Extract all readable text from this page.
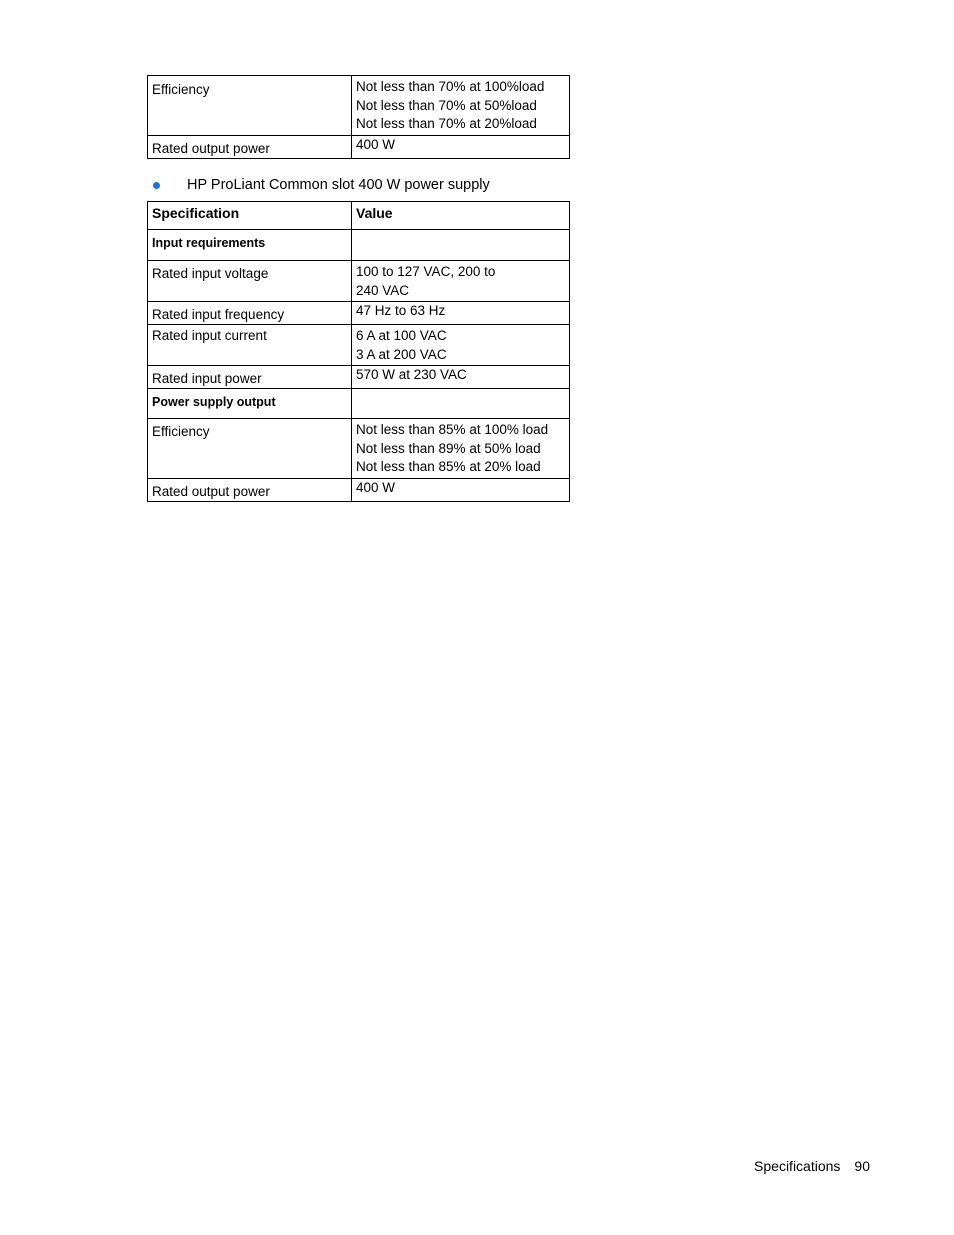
Efficiency	Not less than 70% at 100%load
Not less than 70% at 50%load
Not less than 70% at 20%load

Rated output power	400 W
HP ProLiant Common slot 400 W power supply
Specification	Value
Input requirements	
Rated input voltage	100 to 127 VAC, 200 to
240 VAC

Rated input frequency	47 Hz to 63 Hz
Rated input current	6 A at 100 VAC
3 A at 200 VAC

Rated input power	570 W at 230 VAC
Power supply output	
Efficiency	Not less than 85% at 100% load
Not less than 89% at 50% load
Not less than 85% at 20% load

Rated output power	400 W
Specifications 90
